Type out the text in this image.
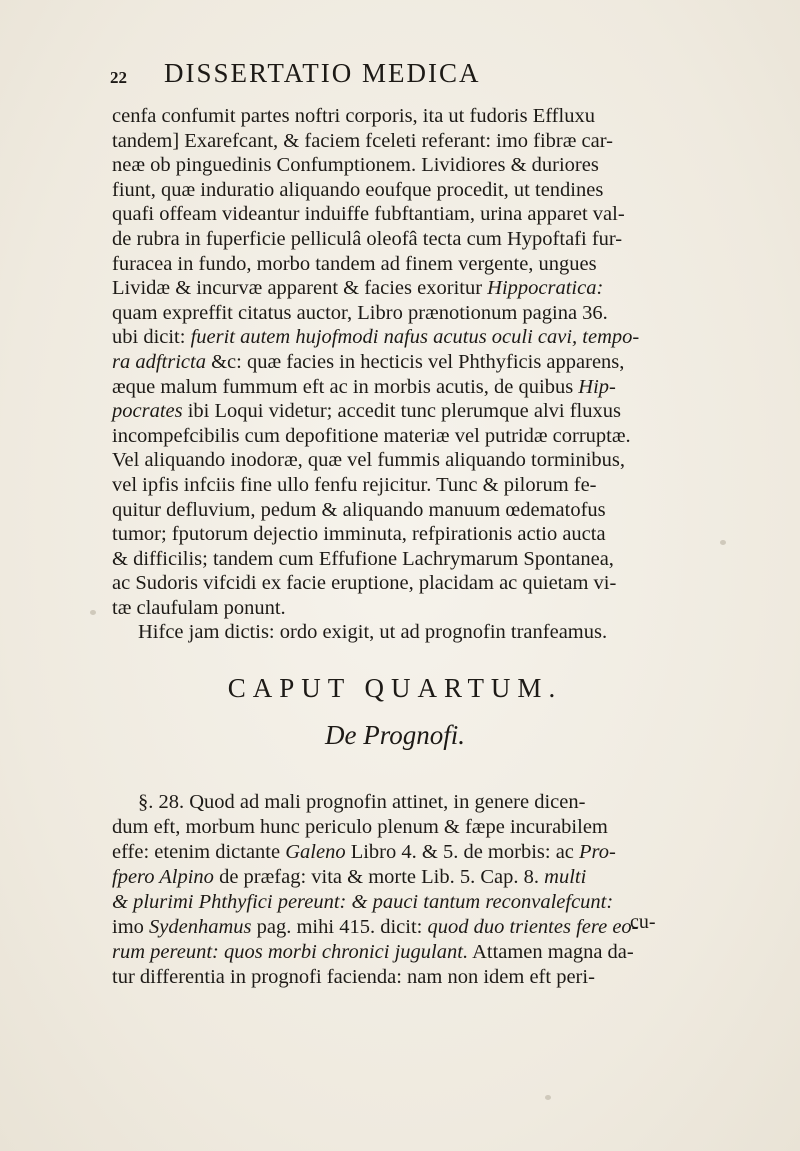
22 DISSERTATIO MEDICA

cenfa confumit partes noftri corporis, ita ut fudoris Effluxu

tandem] Exarefcant, & faciem fceleti referant: imo fibræ car-

neæ ob pinguedinis Confumptionem. Lividiores & duriores

fiunt, quæ induratio aliquando eoufque procedit, ut tendines

quafi offeam videantur induiffe fubftantiam, urina apparet val-

de rubra in fuperficie pelliculâ oleofâ tecta cum Hypoftafi fur-

furacea in fundo, morbo tandem ad finem vergente, ungues

Lividæ & incurvæ apparent & facies exoritur Hippocratica:

quam expreffit citatus auctor, Libro prænotionum pagina 36.

ubi dicit: fuerit autem hujofmodi nafus acutus oculi cavi, tempo-

ra adftricta &c: quæ facies in hecticis vel Phthyficis apparens,

æque malum fummum eft ac in morbis acutis, de quibus Hip-

pocrates ibi Loqui videtur; accedit tunc plerumque alvi fluxus

incompefcibilis cum depofitione materiæ vel putridæ corruptæ.

Vel aliquando inodoræ, quæ vel fummis aliquando torminibus,

vel ipfis infciis fine ullo fenfu rejicitur. Tunc & pilorum fe-

quitur defluvium, pedum & aliquando manuum œdematofus

tumor; fputorum dejectio imminuta, refpirationis actio aucta

& difficilis; tandem cum Effufione Lachrymarum Spontanea,

ac Sudoris vifcidi ex facie eruptione, placidam ac quietam vi-

tæ claufulam ponunt.

Hifce jam dictis: ordo exigit, ut ad prognofin tranfeamus.

CAPUT QUARTUM.
De Prognofi.
§. 28. Quod ad mali prognofin attinet, in genere dicen-
dum eft, morbum hunc periculo plenum & fæpe incurabilem
effe: etenim dictante Galeno Libro 4. & 5. de morbis: ac Pro-
fpero Alpino de præfag: vita & morte Lib. 5. Cap. 8. multi
& plurimi Phthyfici pereunt: & pauci tantum reconvalefcunt:
imo Sydenhamus pag. mihi 415. dicit: quod duo trientes fere eo-
rum pereunt: quos morbi chronici jugulant. Attamen magna da-
tur differentia in prognofi facienda: nam non idem eft peri-
cu-
